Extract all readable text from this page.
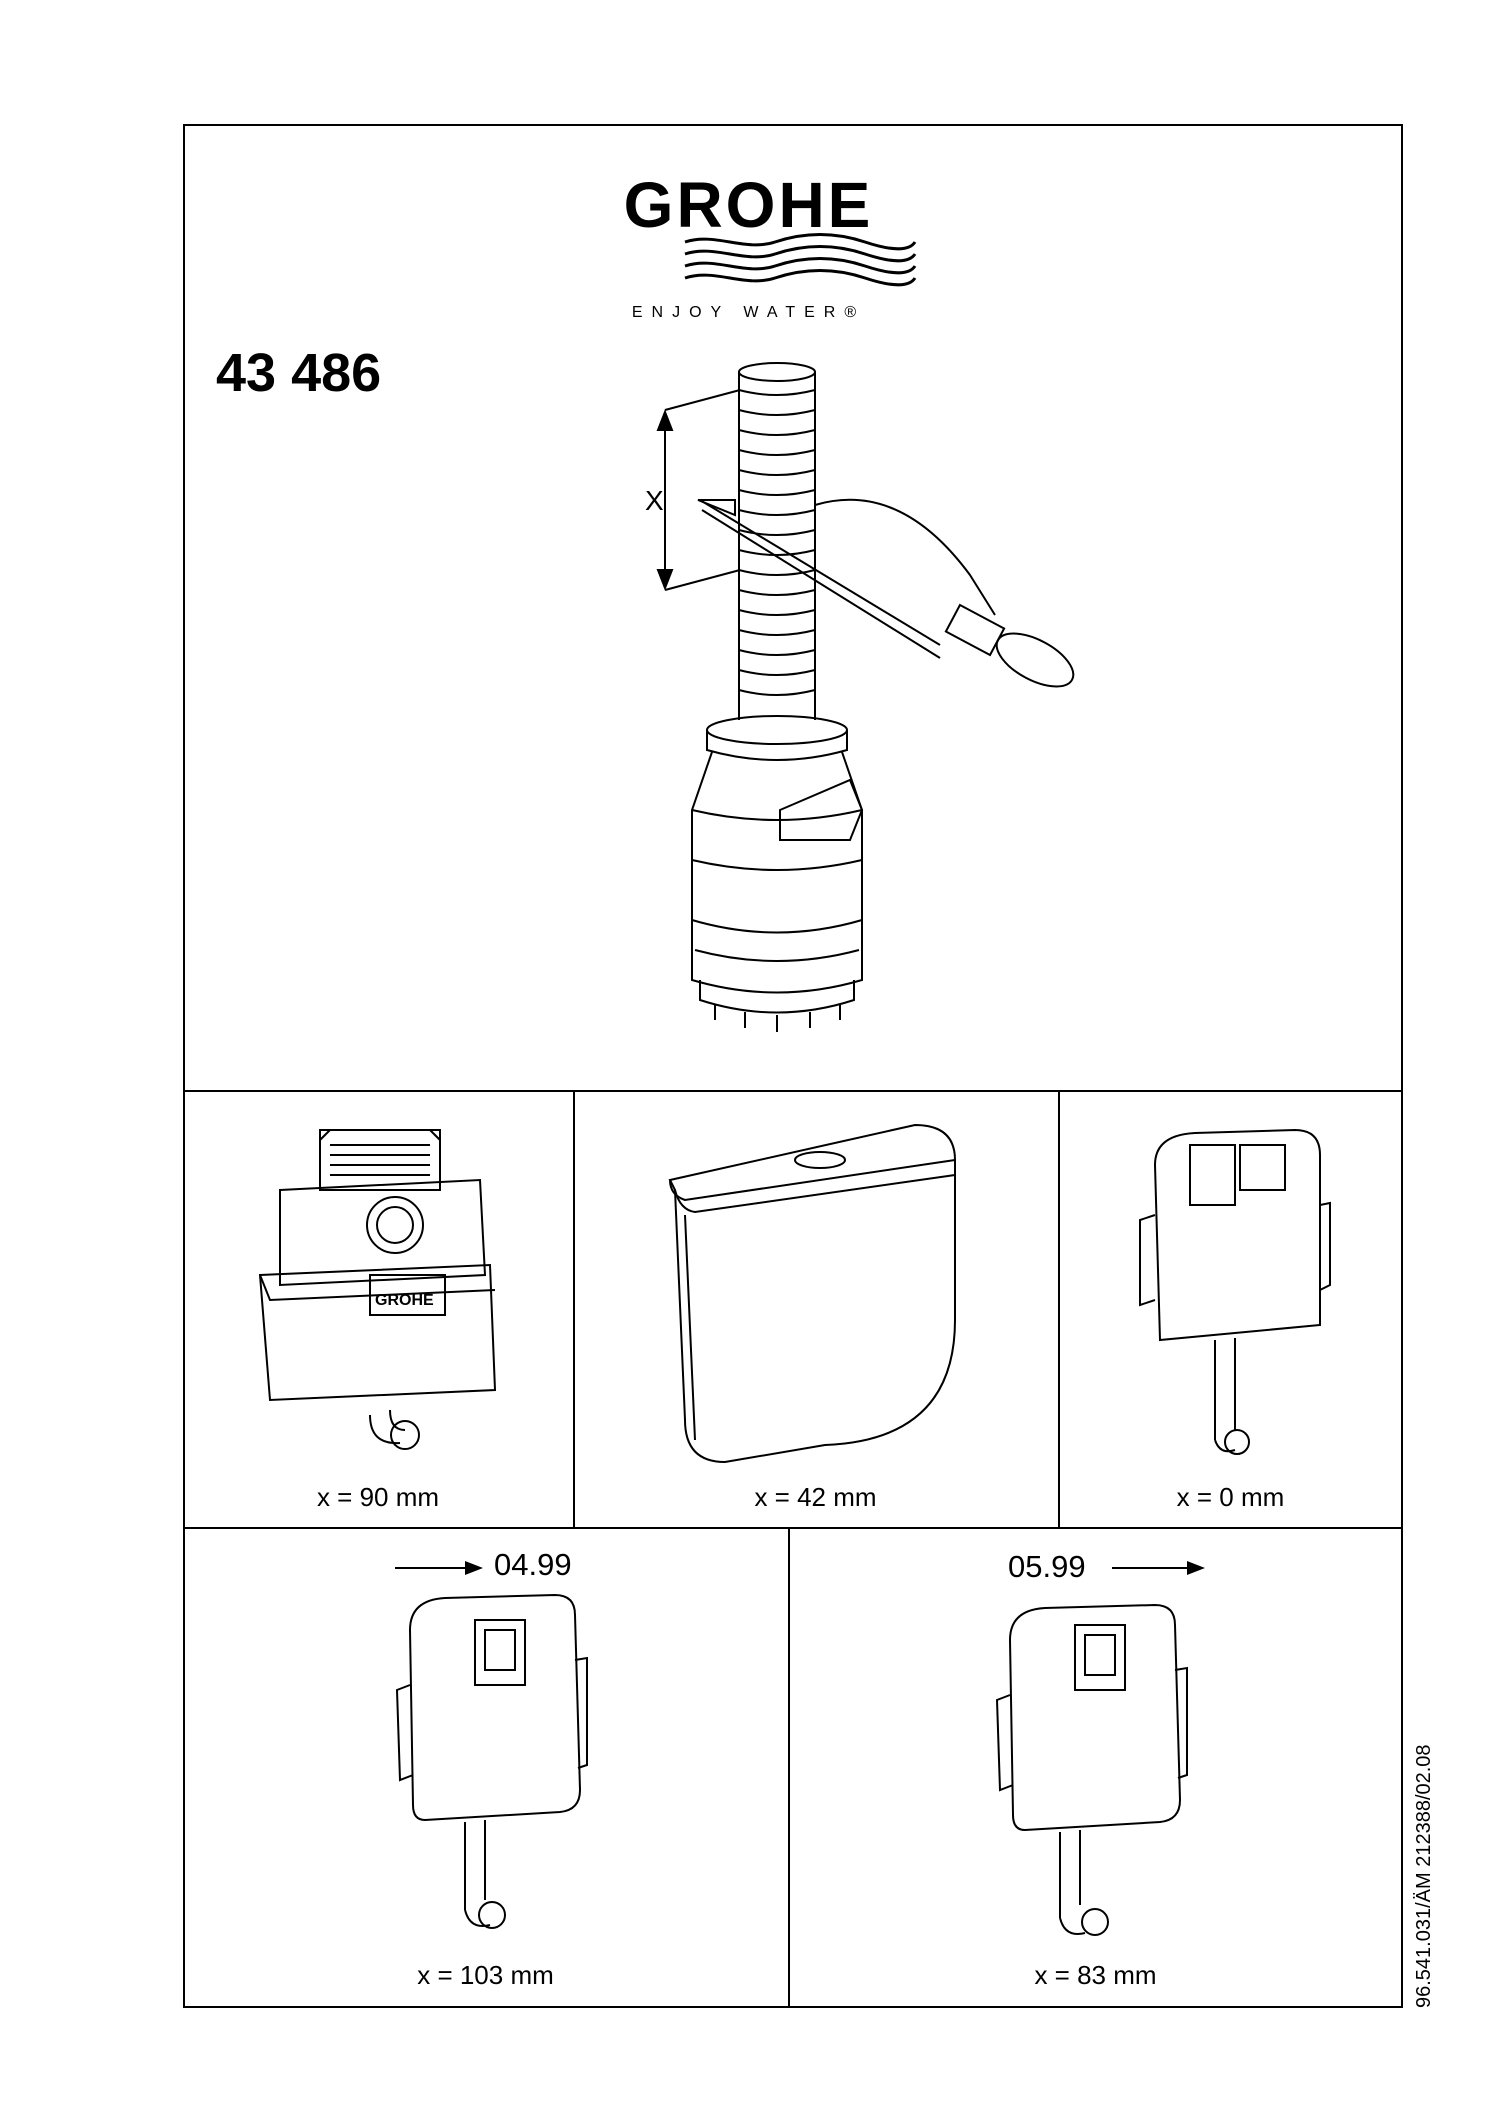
GROHE
ENJOY WATER®
43 486
X
GROHE
x = 90 mm	x = 42 mm	x = 0 mm
04.99
x = 103 mm
05.99
x = 83 mm	96.541.031/ÄM 212388/02.08
